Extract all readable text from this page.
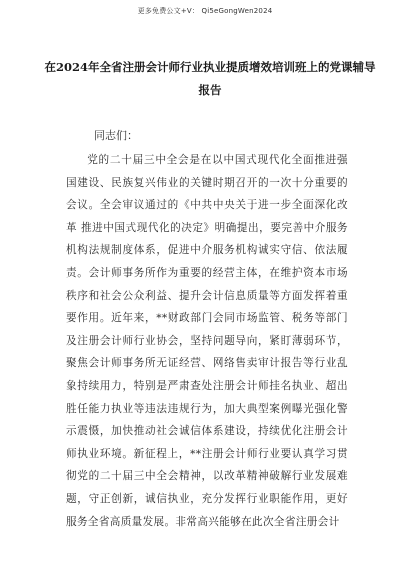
更多免费公文+V： Qi5eGongWen2024
在2024年全省注册会计师行业执业提质增效培训班上的党课辅导报告
同志们：
党的二十届三中全会是在以中国式现代化全面推进强国建设、民族复兴伟业的关键时期召开的一次十分重要的会议。全会审议通过的《中共中央关于进一步全面深化改革 推进中国式现代化的决定》明确提出，要完善中介服务机构法规制度体系，促进中介服务机构诚实守信、依法履责。会计师事务所作为重要的经营主体，在维护资本市场秩序和社会公众利益、提升会计信息质量等方面发挥着重要作用。近年来，**财政部门会同市场监管、税务等部门及注册会计师行业协会，坚持问题导向，紧盯薄弱环节，聚焦会计师事务所无证经营、网络售卖审计报告等行业乱象持续用力，特别是严肃查处注册会计师挂名执业、超出胜任能力执业等违法违规行为，加大典型案例曝光强化警示震慑，加快推动社会诚信体系建设，持续优化注册会计师执业环境。新征程上，**注册会计师行业要认真学习贯彻党的二十届三中全会精神，以改革精神破解行业发展难题，守正创新，诚信执业，充分发挥行业职能作用，更好服务全省高质量发展。非常高兴能够在此次全省注册会计
